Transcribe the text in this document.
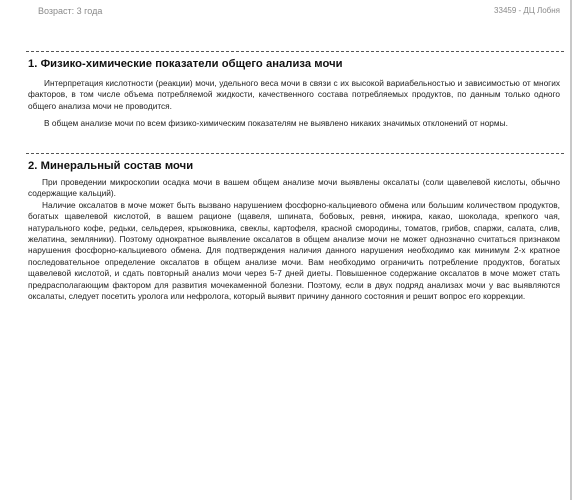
Возраст: 3 года	33459 - ДЦ Лобня
1. Физико-химические показатели общего анализа мочи

Интерпретация кислотности (реакции) мочи, удельного веса мочи в связи с их высокой вариабельностью и зависимостью от многих факторов, в том числе объема потребляемой жидкости, качественного состава потребляемых продуктов, по данным только одного общего анализа мочи не проводится.

В общем анализе мочи по всем физико-химическим показателям не выявлено никаких значимых отклонений от нормы.

2. Минеральный состав мочи

При проведении микроскопии осадка мочи в вашем общем анализе мочи выявлены оксалаты (соли щавелевой кислоты, обычно содержащие кальций).

Наличие оксалатов в моче может быть вызвано нарушением фосфорно-кальциевого обмена или большим количеством продуктов, богатых щавелевой кислотой, в вашем рационе (щавеля, шпината, бобовых, ревня, инжира, какао, шоколада, крепкого чая, натурального кофе, редьки, сельдерея, крыжовника, свеклы, картофеля, красной смородины, томатов, грибов, спаржи, салата, слив, желатина, земляники). Поэтому однократное выявление оксалатов в общем анализе мочи не может однозначно считаться признаком нарушения фосфорно-кальциевого обмена. Для подтверждения наличия данного нарушения необходимо как минимум 2-х кратное последовательное определение оксалатов в общем анализе мочи. Вам необходимо ограничить потребление продуктов, богатых щавелевой кислотой, и сдать повторный анализ мочи через 5-7 дней диеты. Повышенное содержание оксалатов в моче может стать предрасполагающим фактором для развития мочекаменной болезни. Поэтому, если в двух подряд анализах мочи у вас выявляются оксалаты, следует посетить уролога или нефролога, который выявит причину данного состояния и решит вопрос его коррекции.
